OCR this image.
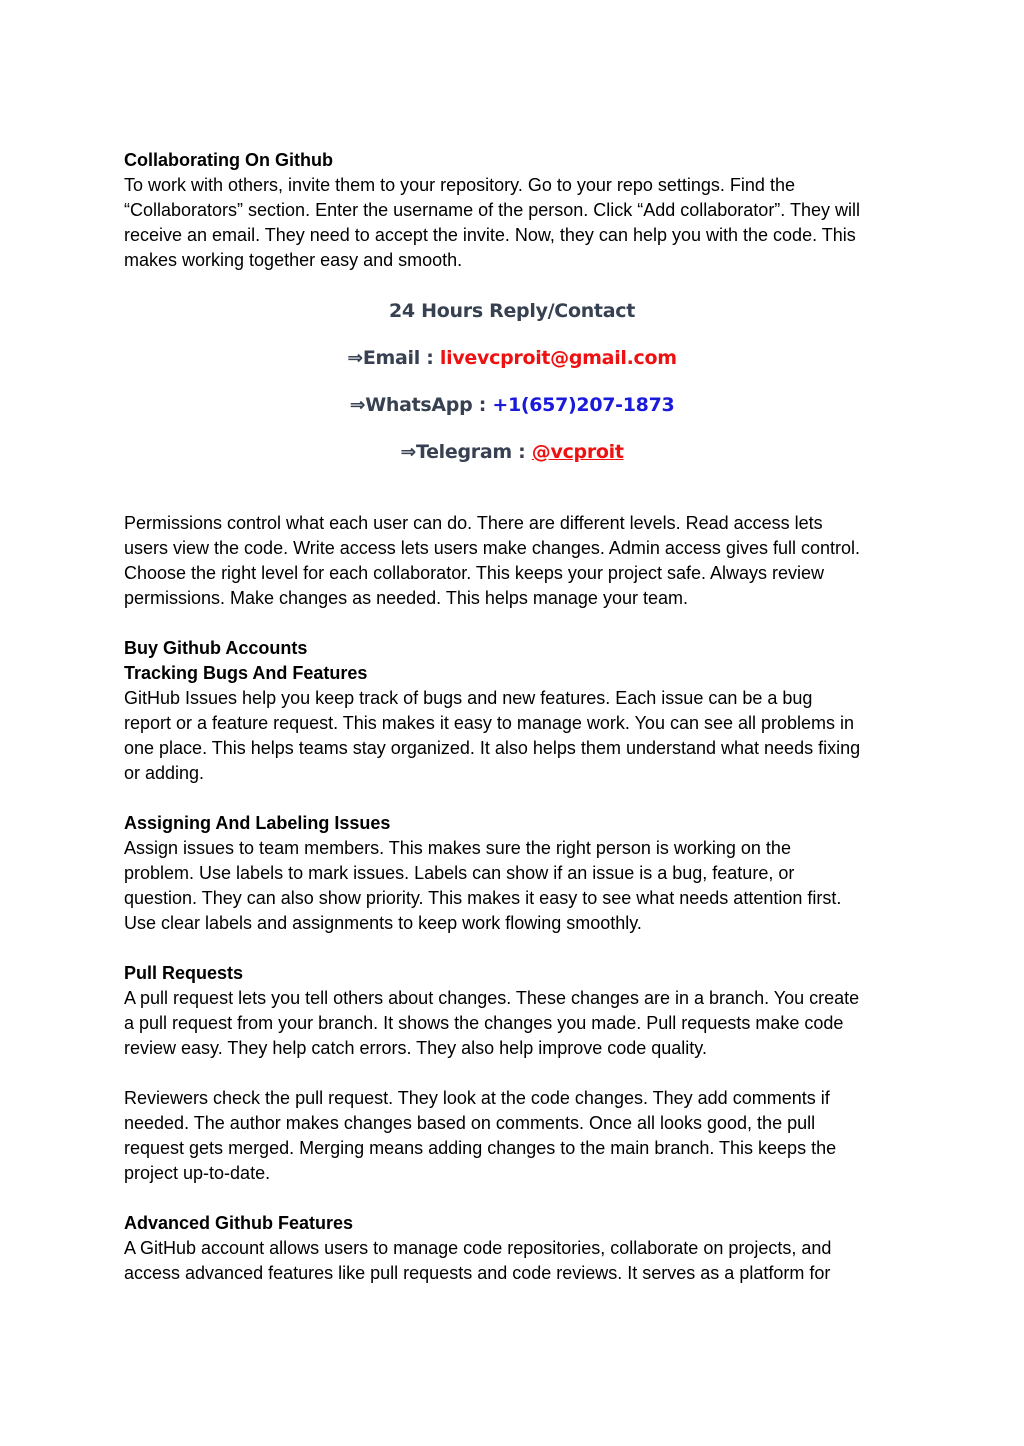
Collaborating On Github
To work with others, invite them to your repository. Go to your repo settings. Find the
“Collaborators” section. Enter the username of the person. Click “Add collaborator”. They will
receive an email. They need to accept the invite. Now, they can help you with the code. This
makes working together easy and smooth.
24 Hours Reply/Contact
⇒Email : livevcproit@gmail.com
⇒WhatsApp : +1(657)207-1873
⇒Telegram : @vcproit
Permissions control what each user can do. There are different levels. Read access lets
users view the code. Write access lets users make changes. Admin access gives full control.
Choose the right level for each collaborator. This keeps your project safe. Always review
permissions. Make changes as needed. This helps manage your team.
Buy Github Accounts
Tracking Bugs And Features
GitHub Issues help you keep track of bugs and new features. Each issue can be a bug
report or a feature request. This makes it easy to manage work. You can see all problems in
one place. This helps teams stay organized. It also helps them understand what needs fixing
or adding.
Assigning And Labeling Issues
Assign issues to team members. This makes sure the right person is working on the
problem. Use labels to mark issues. Labels can show if an issue is a bug, feature, or
question. They can also show priority. This makes it easy to see what needs attention first.
Use clear labels and assignments to keep work flowing smoothly.
Pull Requests
A pull request lets you tell others about changes. These changes are in a branch. You create
a pull request from your branch. It shows the changes you made. Pull requests make code
review easy. They help catch errors. They also help improve code quality.
Reviewers check the pull request. They look at the code changes. They add comments if
needed. The author makes changes based on comments. Once all looks good, the pull
request gets merged. Merging means adding changes to the main branch. This keeps the
project up-to-date.
Advanced Github Features
A GitHub account allows users to manage code repositories, collaborate on projects, and
access advanced features like pull requests and code reviews. It serves as a platform for
